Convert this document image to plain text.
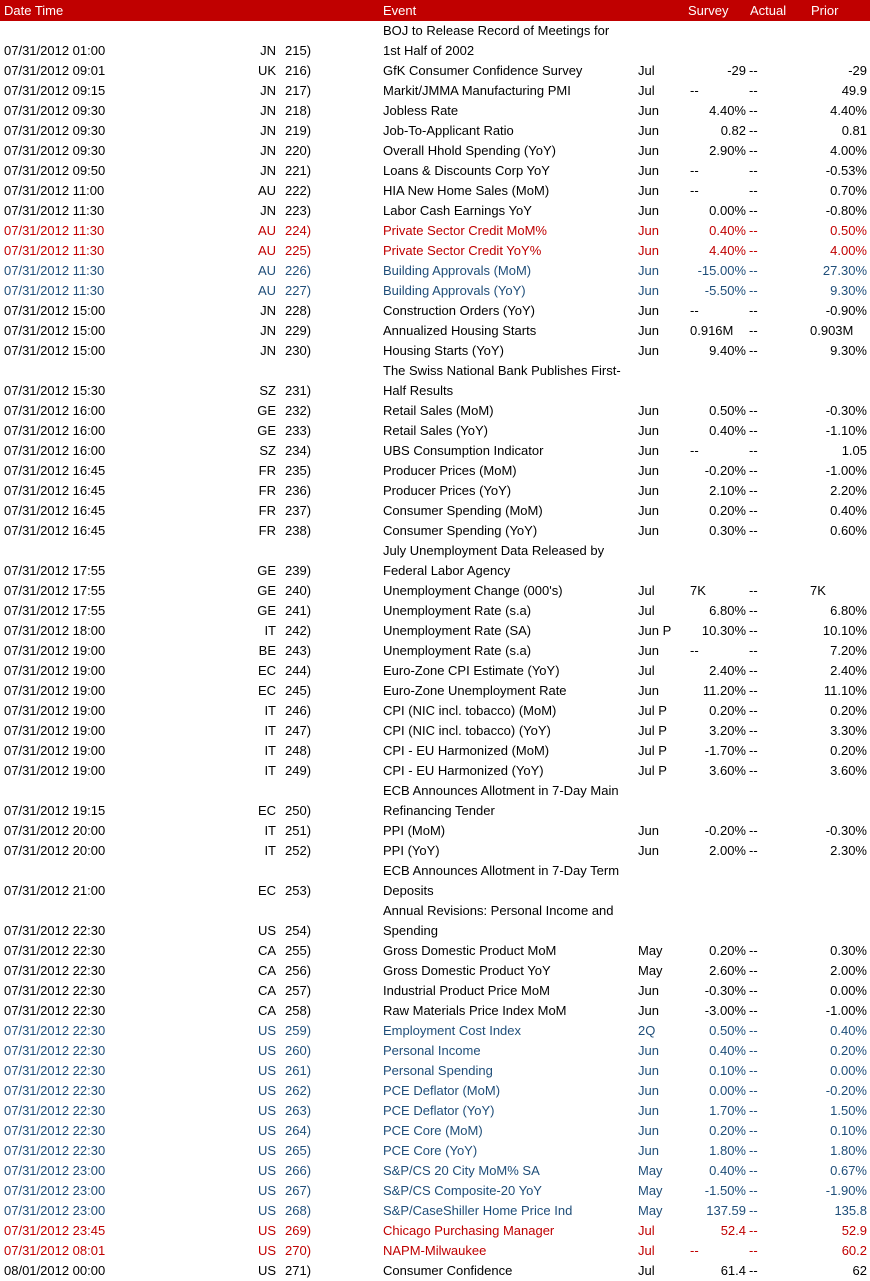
Date Time	Event	Survey Actual Prior
BOJ to Release Record of Meetings for
07/31/2012 01:00	JN 215)	1st Half of 2002
07/31/2012 09:01	UK 216)	GfK Consumer Confidence Survey	Jul	-29 --	-29
07/31/2012 09:15	JN 217)	Markit/JMMA Manufacturing PMI	Jul	--	--	49.9
07/31/2012 09:30	JN 218)	Jobless Rate	Jun	4.40% --	4.40%
07/31/2012 09:30	JN 219)	Job-To-Applicant Ratio	Jun	0.82 --	0.81
07/31/2012 09:30	JN 220)	Overall Hhold Spending (YoY)	Jun	2.90% --	4.00%
07/31/2012 09:50	JN 221)	Loans & Discounts Corp YoY	Jun --	--	-0.53%
07/31/2012 11:00	AU 222)	HIA New Home Sales (MoM)	Jun --	--	0.70%
07/31/2012 11:30	JN 223)	Labor Cash Earnings YoY	Jun	0.00% --	-0.80%
07/31/2012 11:30	AU 224)	Private Sector Credit MoM%	Jun	0.40% --	0.50%
07/31/2012 11:30	AU 225)	Private Sector Credit YoY%	Jun	4.40% --	4.00%
07/31/2012 11:30	AU 226)	Building Approvals (MoM)	Jun	-15.00% --	27.30%
07/31/2012 11:30	AU 227)	Building Approvals (YoY)	Jun	-5.50% --	9.30%
07/31/2012 15:00	JN 228)	Construction Orders (YoY)	Jun --	--	-0.90%
07/31/2012 15:00	JN 229)	Annualized Housing Starts	Jun 0.916M --	0.903M
07/31/2012 15:00	JN 230)	Housing Starts (YoY)	Jun	9.40% --	9.30%
The Swiss National Bank Publishes First-
07/31/2012 15:30	SZ 231)	Half Results
07/31/2012 16:00	GE 232)	Retail Sales (MoM)	Jun	0.50% --	-0.30%
07/31/2012 16:00	GE 233)	Retail Sales (YoY)	Jun	0.40% --	-1.10%
07/31/2012 16:00	SZ 234)	UBS Consumption Indicator	Jun --	--	1.05
07/31/2012 16:45	FR 235)	Producer Prices (MoM)	Jun	-0.20% --	-1.00%
07/31/2012 16:45	FR 236)	Producer Prices (YoY)	Jun	2.10% --	2.20%
07/31/2012 16:45	FR 237)	Consumer Spending (MoM)	Jun	0.20% --	0.40%
07/31/2012 16:45	FR 238)	Consumer Spending (YoY)	Jun	0.30% --	0.60%
July Unemployment Data Released by
07/31/2012 17:55	GE 239)	Federal Labor Agency
07/31/2012 17:55	GE 240)	Unemployment Change (000's)	Jul	7K	--	7K
07/31/2012 17:55	GE 241)	Unemployment Rate (s.a)	Jul	6.80% --	6.80%
07/31/2012 18:00	IT 242)	Unemployment Rate (SA)	Jun P	10.30% --	10.10%
07/31/2012 19:00	BE 243)	Unemployment Rate (s.a)	Jun --	--	7.20%
07/31/2012 19:00	EC 244)	Euro-Zone CPI Estimate (YoY)	Jul	2.40% --	2.40%
07/31/2012 19:00	EC 245)	Euro-Zone Unemployment Rate	Jun	11.20% --	11.10%
07/31/2012 19:00	IT 246)	CPI (NIC incl. tobacco) (MoM)	Jul P	0.20% --	0.20%
07/31/2012 19:00	IT 247)	CPI (NIC incl. tobacco) (YoY)	Jul P	3.20% --	3.30%
07/31/2012 19:00	IT 248)	CPI - EU Harmonized (MoM)	Jul P	-1.70% --	0.20%
07/31/2012 19:00	IT 249)	CPI - EU Harmonized (YoY)	Jul P	3.60% --	3.60%
ECB Announces Allotment in 7-Day Main
07/31/2012 19:15	EC 250)	Refinancing Tender
07/31/2012 20:00	IT 251)	PPI (MoM)	Jun	-0.20% --	-0.30%
07/31/2012 20:00	IT 252)	PPI (YoY)	Jun	2.00% --	2.30%
ECB Announces Allotment in 7-Day Term
07/31/2012 21:00	EC 253)	Deposits
Annual Revisions: Personal Income and
07/31/2012 22:30	US 254)	Spending
07/31/2012 22:30	CA 255)	Gross Domestic Product MoM	May	0.20% --	0.30%
07/31/2012 22:30	CA 256)	Gross Domestic Product YoY	May	2.60% --	2.00%
07/31/2012 22:30	CA 257)	Industrial Product Price MoM	Jun	-0.30% --	0.00%
07/31/2012 22:30	CA 258)	Raw Materials Price Index MoM	Jun	-3.00% --	-1.00%
07/31/2012 22:30	US 259)	Employment Cost Index	2Q	0.50% --	0.40%
07/31/2012 22:30	US 260)	Personal Income	Jun	0.40% --	0.20%
07/31/2012 22:30	US 261)	Personal Spending	Jun	0.10% --	0.00%
07/31/2012 22:30	US 262)	PCE Deflator (MoM)	Jun	0.00% --	-0.20%
07/31/2012 22:30	US 263)	PCE Deflator (YoY)	Jun	1.70% --	1.50%
07/31/2012 22:30	US 264)	PCE Core (MoM)	Jun	0.20% --	0.10%
07/31/2012 22:30	US 265)	PCE Core (YoY)	Jun	1.80% --	1.80%
07/31/2012 23:00	US 266)	S&P/CS 20 City MoM% SA	May	0.40% --	0.67%
07/31/2012 23:00	US 267)	S&P/CS Composite-20 YoY	May	-1.50% --	-1.90%
07/31/2012 23:00	US 268)	S&P/CaseShiller Home Price Ind	May	137.59 --	135.8
07/31/2012 23:45	US 269)	Chicago Purchasing Manager	Jul	52.4 --	52.9
07/31/2012 08:01	US 270)	NAPM-Milwaukee	Jul	--	--	60.2
08/01/2012 00:00	US 271)	Consumer Confidence	Jul	61.4 --	62
